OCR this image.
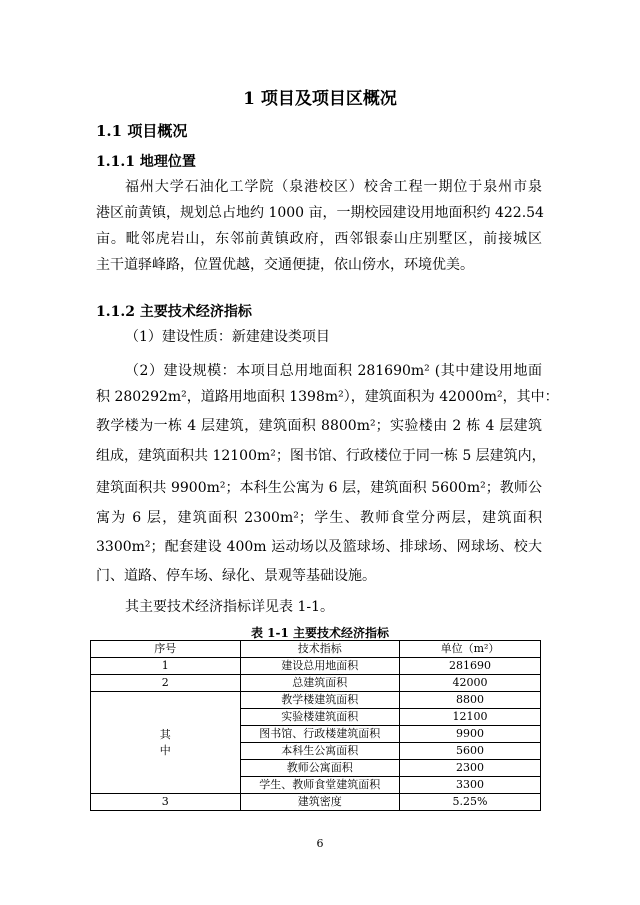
1 项目及项目区概况
1.1 项目概况
1.1.1 地理位置
福州大学石油化工学院（泉港校区）校舍工程一期位于泉州市泉
港区前黄镇，规划总占地约 1000 亩，一期校园建设用地面积约 422.54
亩。毗邻虎岩山，东邻前黄镇政府，西邻银泰山庄别墅区，前接城区
主干道驿峰路，位置优越，交通便捷，依山傍水，环境优美。
1.1.2 主要技术经济指标
（1）建设性质：新建建设类项目
（2）建设规模：本项目总用地面积 281690m² (其中建设用地面
积 280292m²，道路用地面积 1398m²），建筑面积为 42000m²，其中：
教学楼为一栋 4 层建筑，建筑面积 8800m²；实验楼由 2 栋 4 层建筑
组成，建筑面积共 12100m²；图书馆、行政楼位于同一栋 5 层建筑内，
建筑面积共 9900m²；本科生公寓为 6 层，建筑面积 5600m²；教师公
寓为 6 层，建筑面积 2300m²；学生、教师食堂分两层，建筑面积
3300m²；配套建设 400m 运动场以及篮球场、排球场、网球场、校大
门、道路、停车场、绿化、景观等基础设施。
其主要技术经济指标详见表 1-1。
表 1-1 主要技术经济指标
序号	技术指标	单位（m²）
1	建设总用地面积	281690
2	总建筑面积	42000

其
中	教学楼建筑面积	8800
	实验楼建筑面积	12100
	图书馆、行政楼建筑面积	9900
	本科生公寓面积	5600
	教师公寓面积	2300
	学生、教师食堂建筑面积	3300
3	建筑密度	5.25%
6
